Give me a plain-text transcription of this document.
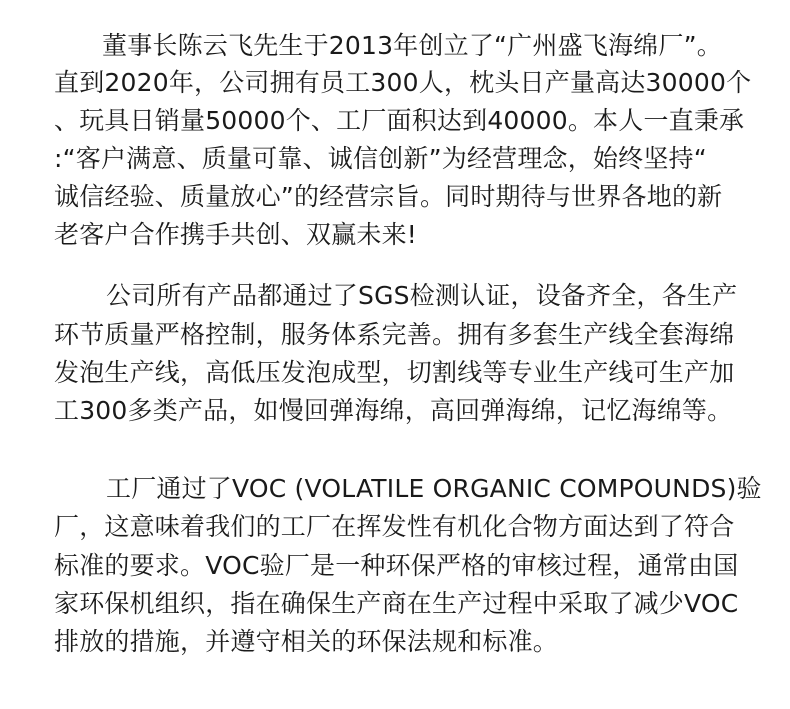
董事长陈云飞先生于2013年创立了“广州盛飞海绵厂”。
直到2020年，公司拥有员工300人，枕头日产量高达30000个
、玩具日销量50000个、工厂面积达到40000。本人一直秉承
:“客户满意、质量可靠、诚信创新”为经营理念，始终坚持“
诚信经验、质量放心”的经营宗旨。同时期待与世界各地的新
老客户合作携手共创、双赢未来!
公司所有产品都通过了SGS检测认证，设备齐全，各生产
环节质量严格控制，服务体系完善。拥有多套生产线全套海绵
发泡生产线，高低压发泡成型，切割线等专业生产线可生产加
工300多类产品，如慢回弹海绵，高回弹海绵，记忆海绵等。
工厂通过了VOC (VOLATILE ORGANIC COMPOUNDS)验
厂，这意味着我们的工厂在挥发性有机化合物方面达到了符合
标准的要求。VOC验厂是一种环保严格的审核过程，通常由国
家环保机组织，指在确保生产商在生产过程中采取了减少VOC
排放的措施，并遵守相关的环保法规和标准。
